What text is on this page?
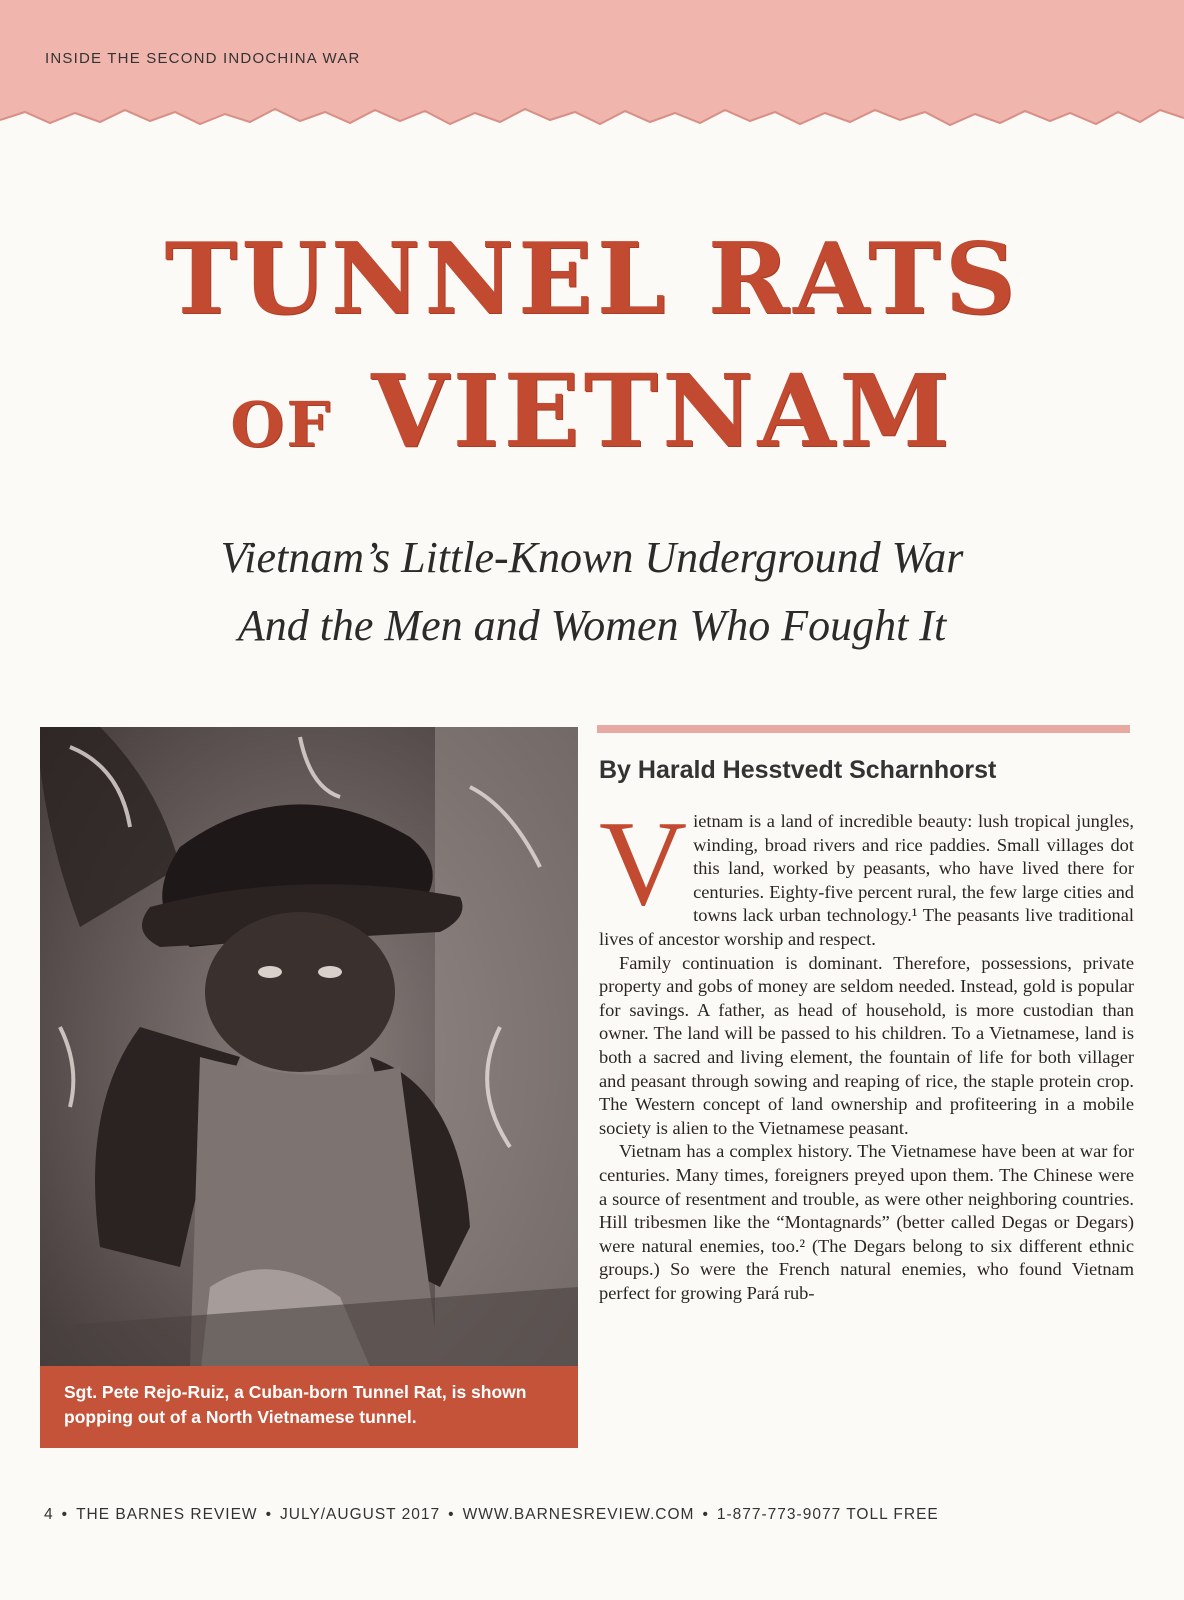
INSIDE THE SECOND INDOCHINA WAR
TUNNEL RATS
OF VIETNAM
Vietnam’s Little-Known Underground War
And the Men and Women Who Fought It
Sgt. Pete Rejo-Ruiz, a Cuban-born Tunnel Rat, is shown popping out of a North Vietnamese tunnel.
By Harald Hesstvedt Scharnhorst

Vietnam is a land of incredible beauty: lush tropical jungles, winding, broad rivers and rice paddies. Small villages dot this land, worked by peasants, who have lived there for centuries. Eighty-five percent rural, the few large cities and towns lack urban technology.¹ The peasants live traditional lives of ancestor worship and respect.

Family continuation is dominant. Therefore, possessions, private property and gobs of money are seldom needed. Instead, gold is popular for savings. A father, as head of household, is more custodian than owner. The land will be passed to his children. To a Vietnamese, land is both a sacred and living element, the fountain of life for both villager and peasant through sowing and reaping of rice, the staple protein crop. The Western concept of land ownership and profiteering in a mobile society is alien to the Vietnamese peasant.

Vietnam has a complex history. The Vietnamese have been at war for centuries. Many times, foreigners preyed upon them. The Chinese were a source of resentment and trouble, as were other neighboring countries. Hill tribesmen like the “Montagnards” (better called Degas or Degars) were natural enemies, too.² (The Degars belong to six different ethnic groups.) So were the French natural enemies, who found Vietnam perfect for growing Pará rub-

4 • THE BARNES REVIEW • JULY/AUGUST 2017 • WWW.BARNESREVIEW.COM • 1-877-773-9077 TOLL FREE
